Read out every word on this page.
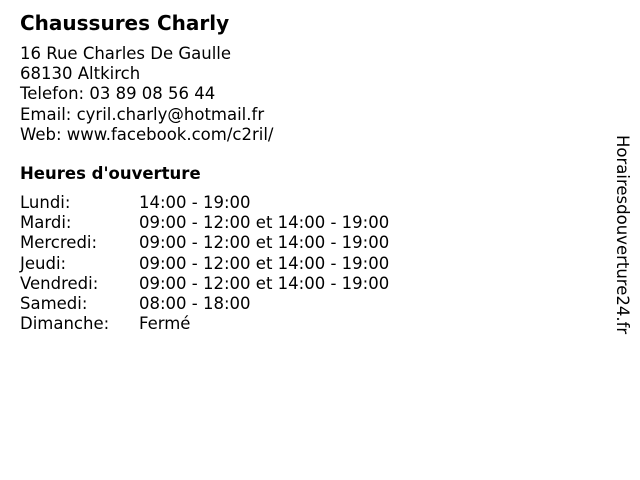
Chaussures Charly
16 Rue Charles De Gaulle
68130 Altkirch
Telefon: 03 89 08 56 44
Email: cyril.charly@hotmail.fr
Web: www.facebook.com/c2ril/
Heures d'ouverture
Lundi:	14:00 - 19:00
Mardi:	09:00 - 12:00 et 14:00 - 19:00
Mercredi:	09:00 - 12:00 et 14:00 - 19:00
Jeudi:	09:00 - 12:00 et 14:00 - 19:00
Vendredi:	09:00 - 12:00 et 14:00 - 19:00
Samedi:	08:00 - 18:00
Dimanche:	Fermé	Horairesdouverture24.fr
